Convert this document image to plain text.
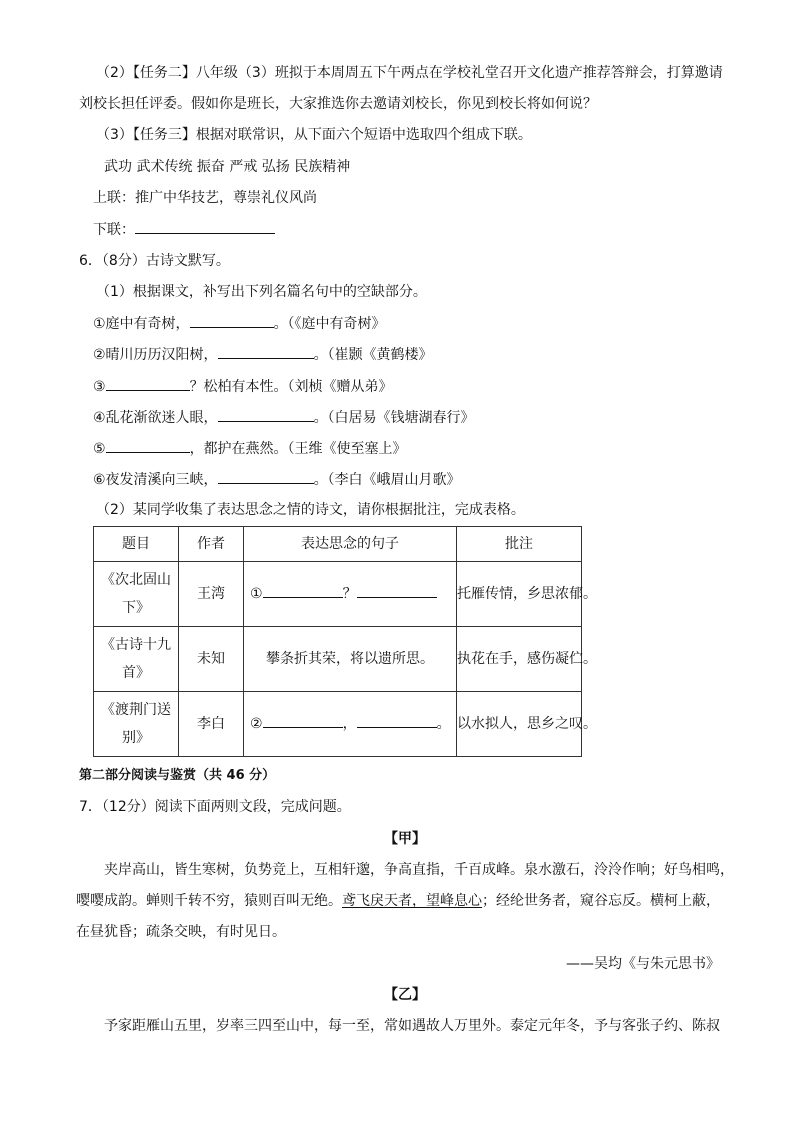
（2）【任务二】八年级（3）班拟于本周周五下午两点在学校礼堂召开文化遗产推荐答辩会，打算邀请
刘校长担任评委。假如你是班长，大家推选你去邀请刘校长，你见到校长将如何说？
（3）【任务三】根据对联常识，从下面六个短语中选取四个组成下联。
武功 武术传统 振奋 严戒 弘扬 民族精神
上联：推广中华技艺，尊崇礼仪风尚
下联：
6．（8分）古诗文默写。
（1）根据课文，补写出下列名篇名句中的空缺部分。
①庭中有奇树，	。（《庭中有奇树》
②晴川历历汉阳树，	。（崔颢《黄鹤楼》
③	？松柏有本性。（刘桢《赠从弟》
④乱花渐欲迷人眼，	。（白居易《钱塘湖春行》
⑤	，都护在燕然。（王维《使至塞上》
⑥夜发清溪向三峡，	。（李白《峨眉山月歌》
（2）某同学收集了表达思念之情的诗文，请你根据批注，完成表格。
题目	作者	表达思念的句子	批注
《次北固山
下》	王湾	① ？	托雁传情，乡思浓郁。

《古诗十九
首》	未知	攀条折其荣，将以遗所思。	执花在手，感伤凝伫。

《渡荆门送
别》	李白	② ， 。	以水拟人，思乡之叹。
第二部分阅读与鉴赏（共 46 分）
7．（12分）阅读下面两则文段，完成问题。
【甲】
夹岸高山，皆生寒树，负势竞上，互相轩邈，争高直指，千百成峰。泉水激石，泠泠作响；好鸟相鸣，
嘤嘤成韵。蝉则千转不穷，猿则百叫无绝。鸢飞戾天者，望峰息心；经纶世务者，窥谷忘反。横柯上蔽，
在昼犹昏；疏条交映，有时见日。
——吴均《与朱元思书》
【乙】
予家距雁山五里，岁率三四至山中，每一至，常如遇故人万里外。泰定元年冬，予与客张子约、陈叔
